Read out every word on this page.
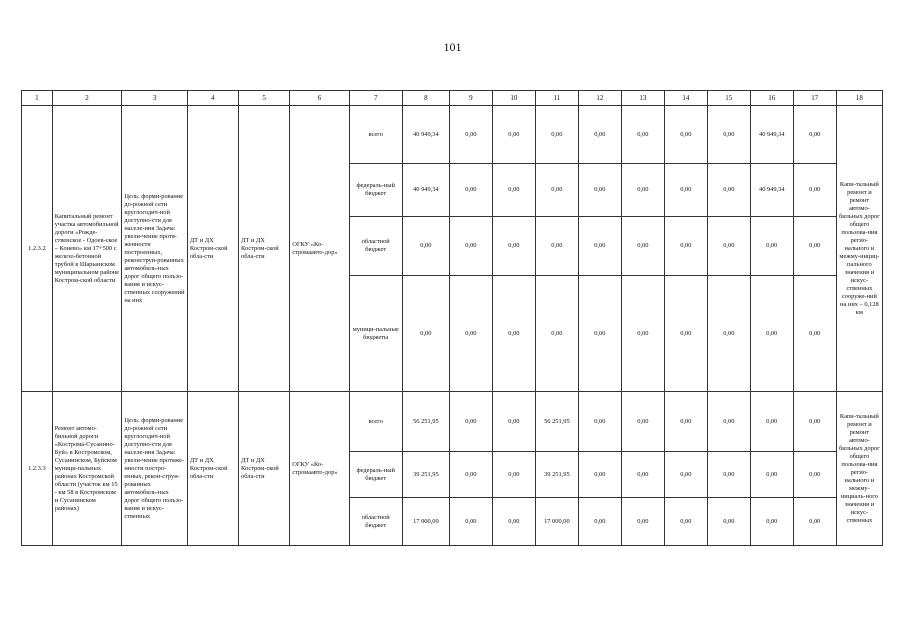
101
1	2	3	4	5	6	7	8	9	10	11	12	13	14	15	16	17	18
1.2.3.2	Капитальный ремонт участка автомобильной дороги «Рожде-ственское - Одоев-ское – Конево» км 17+500 с железо-бетонной трубой в Шарьинском муниципальном районе Костром-ской области	Цель: форми-рование до-рожной сети круглогодич-ной доступно-сти для населе-ния Задача: увели-чение протя-женности построенных, реконструи-рованных автомобиль-ных дорог общего пользо-вания и искус-ственных сооружений на них	ДТ и ДХ Костром-ской обла-сти	ДТ и ДХ Костром-ской обла-сти	ОГКУ «Ко-стромаавто-дор»	всего	40 949,34	0,00	0,00	0,00	0,00	0,00	0,00	0,00	40 949,34	0,00	Капи-тальный ремонт и ремонт автомо-бильных дорог общего пользова-ния регио-нального и межму-нициц-пального значения и искус-ственных сооруже-ний на них – 0,128 км
						федераль-ный бюджет	40 949,34	0,00	0,00	0,00	0,00	0,00	0,00	0,00	40 949,34	0,00	
						областной бюджет	0,00	0,00	0,00	0,00	0,00	0,00	0,00	0,00	0,00	0,00	
						муници-пальные бюджеты	0,00	0,00	0,00	0,00	0,00	0,00	0,00	0,00	0,00	0,00	
1.2.3.3	Ремонт автомо-бильной дороги «Кострома-Сусанино-Буй» в Костромском, Сусанинском, Буйском муници-пальных районах Костромской области (участок км 15 - км 58 в Костромском и Сусанинском районах)	Цель: форми-рование до-рожной сети круглогодич-ной доступно-сти для населе-ния Задача: увели-чение протяже-нности постро-енных, рекон-струи-рованных автомобиль-ных дорог общего пользо-вания и искус-ственных	ДТ и ДХ Костром-ской обла-сти	ДТ и ДХ Костром-ской обла-сти	ОГКУ «Ко-стромаавто-дор»	всего	56 251,95	0,00	0,00	56 251,95	0,00	0,00	0,00	0,00	0,00	0,00	Капи-тальный ремонт и ремонт автомо-бильных дорог общего пользова-ния регио-нального и межму-нициаль-ного значения и искус-ственных
						федераль-ный бюджет	39 251,95	0,00	0,00	39 251,95	0,00	0,00	0,00	0,00	0,00	0,00	
						областной бюджет	17 000,00	0,00	0,00	17 000,00	0,00	0,00	0,00	0,00	0,00	0,00	
